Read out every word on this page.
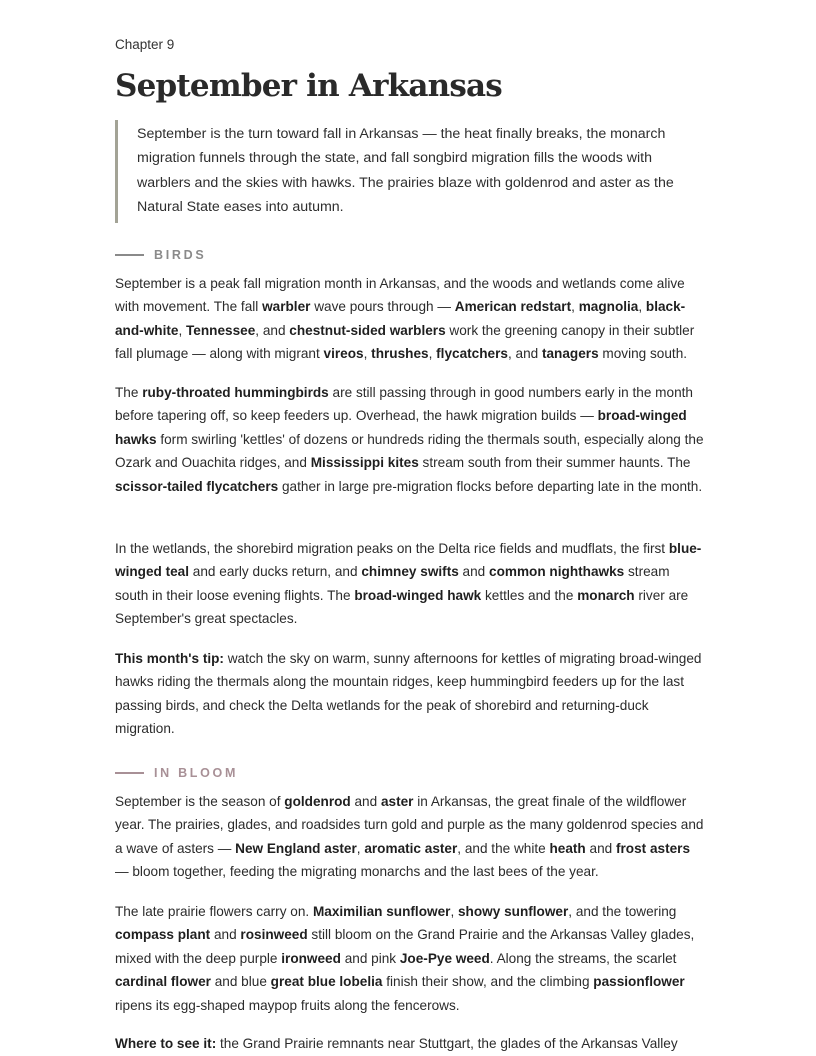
Chapter 9
September in Arkansas

September is the turn toward fall in Arkansas — the heat finally breaks, the monarch migration funnels through the state, and fall songbird migration fills the woods with warblers and the skies with hawks. The prairies blaze with goldenrod and aster as the Natural State eases into autumn.

BIRDS

September is a peak fall migration month in Arkansas, and the woods and wetlands come alive with movement. The fall warbler wave pours through — American redstart, magnolia, black-and-white, Tennessee, and chestnut-sided warblers work the greening canopy in their subtler fall plumage — along with migrant vireos, thrushes, flycatchers, and tanagers moving south.

The ruby-throated hummingbirds are still passing through in good numbers early in the month before tapering off, so keep feeders up. Overhead, the hawk migration builds — broad-winged hawks form swirling 'kettles' of dozens or hundreds riding the thermals south, especially along the Ozark and Ouachita ridges, and Mississippi kites stream south from their summer haunts. The scissor-tailed flycatchers gather in large pre-migration flocks before departing late in the month.

In the wetlands, the shorebird migration peaks on the Delta rice fields and mudflats, the first blue-winged teal and early ducks return, and chimney swifts and common nighthawks stream south in their loose evening flights. The broad-winged hawk kettles and the monarch river are September's great spectacles.

This month's tip: watch the sky on warm, sunny afternoons for kettles of migrating broad-winged hawks riding the thermals along the mountain ridges, keep hummingbird feeders up for the last passing birds, and check the Delta wetlands for the peak of shorebird and returning-duck migration.

IN BLOOM

September is the season of goldenrod and aster in Arkansas, the great finale of the wildflower year. The prairies, glades, and roadsides turn gold and purple as the many goldenrod species and a wave of asters — New England aster, aromatic aster, and the white heath and frost asters — bloom together, feeding the migrating monarchs and the last bees of the year.

The late prairie flowers carry on. Maximilian sunflower, showy sunflower, and the towering compass plant and rosinweed still bloom on the Grand Prairie and the Arkansas Valley glades, mixed with the deep purple ironweed and pink Joe-Pye weed. Along the streams, the scarlet cardinal flower and blue great blue lobelia finish their show, and the climbing passionflower ripens its egg-shaped maypop fruits along the fencerows.

Where to see it: the Grand Prairie remnants near Stuttgart, the glades of the Arkansas Valley
